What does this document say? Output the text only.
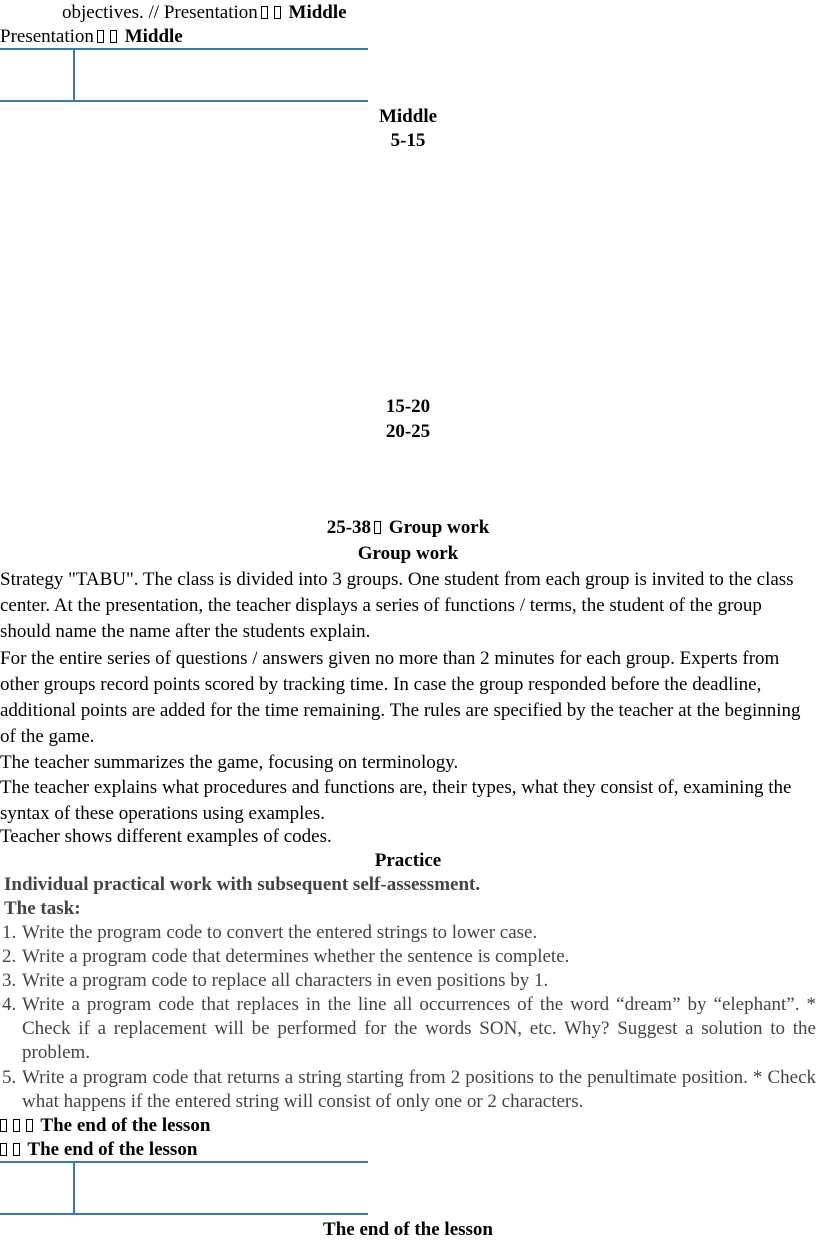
objectives. // Presentation Middle
Presentation Middle
Middle
5-15
15-20
20-25
25-38 Group work
Group work

Strategy "TABU". The class is divided into 3 groups. One student from each group is invited to the class center. At the presentation, the teacher displays a series of functions / terms, the student of the group should name the name after the students explain.

For the entire series of questions / answers given no more than 2 minutes for each group. Experts from other groups record points scored by tracking time. In case the group responded before the deadline, additional points are added for the time remaining. The rules are specified by the teacher at the beginning of the game.

The teacher summarizes the game, focusing on terminology.

The teacher explains what procedures and functions are, their types, what they consist of, examining the syntax of these operations using examples.

Teacher shows different examples of codes.

Practice
Individual practical work with subsequent self-assessment.
The task:
1. Write the program code to convert the entered strings to lower case.
2. Write a program code that determines whether the sentence is complete.
3. Write a program code to replace all characters in even positions by 1.
4. Write a program code that replaces in the line all occurrences of the word “dream” by “elephant”. * Check if a replacement will be performed for the words SON, etc. Why? Suggest a solution to the problem.
5. Write a program code that returns a string starting from 2 positions to the penultimate position. * Check what happens if the entered string will consist of only one or 2 characters.
The end of the lesson
The end of the lesson
The end of the lesson
